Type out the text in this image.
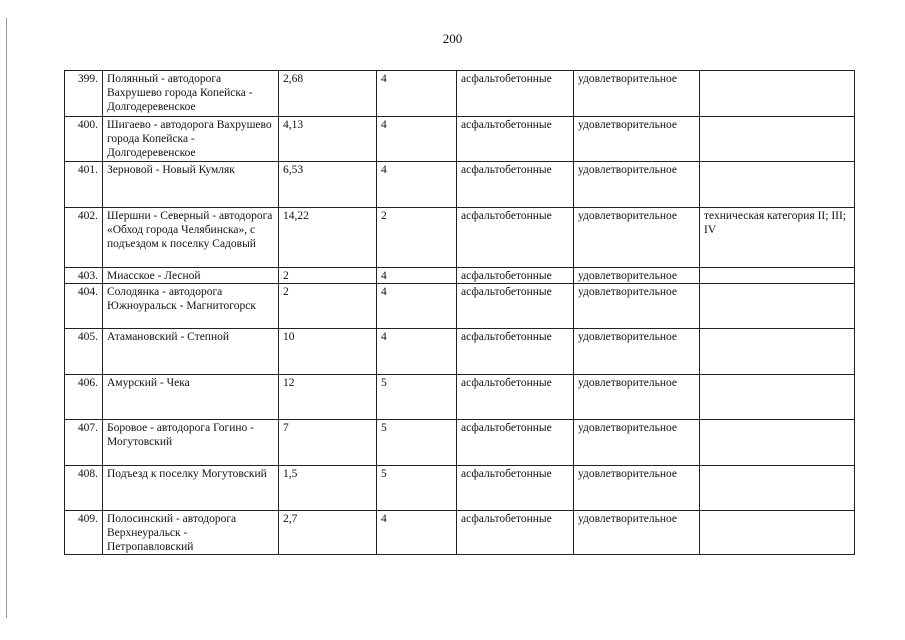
200
399.	Полянный - автодорога Вахрушево города Копейска - Долгодеревенское	2,68	4	асфальтобетонные	удовлетворительное	
400.	Шигаево - автодорога Вахрушево города Копейска - Долгодеревенское	4,13	4	асфальтобетонные	удовлетворительное	
401.	Зерновой - Новый Кумляк	6,53	4	асфальтобетонные	удовлетворительное	
402.	Шершни - Северный - автодорога «Обход города Челябинска», с подъездом к поселку Садовый	14,22	2	асфальтобетонные	удовлетворительное	техническая категория II; III; IV
403.	Миасское - Лесной	2	4	асфальтобетонные	удовлетворительное	
404.	Солодянка - автодорога Южноуральск - Магнитогорск	2	4	асфальтобетонные	удовлетворительное	
405.	Атамановский - Степной	10	4	асфальтобетонные	удовлетворительное	
406.	Амурский - Чека	12	5	асфальтобетонные	удовлетворительное	
407.	Боровое - автодорога Гогино - Могутовский	7	5	асфальтобетонные	удовлетворительное	
408.	Подъезд к поселку Могутовский	1,5	5	асфальтобетонные	удовлетворительное	
409.	Полосинский - автодорога Верхнеуральск - Петропавловский	2,7	4	асфальтобетонные	удовлетворительное	
